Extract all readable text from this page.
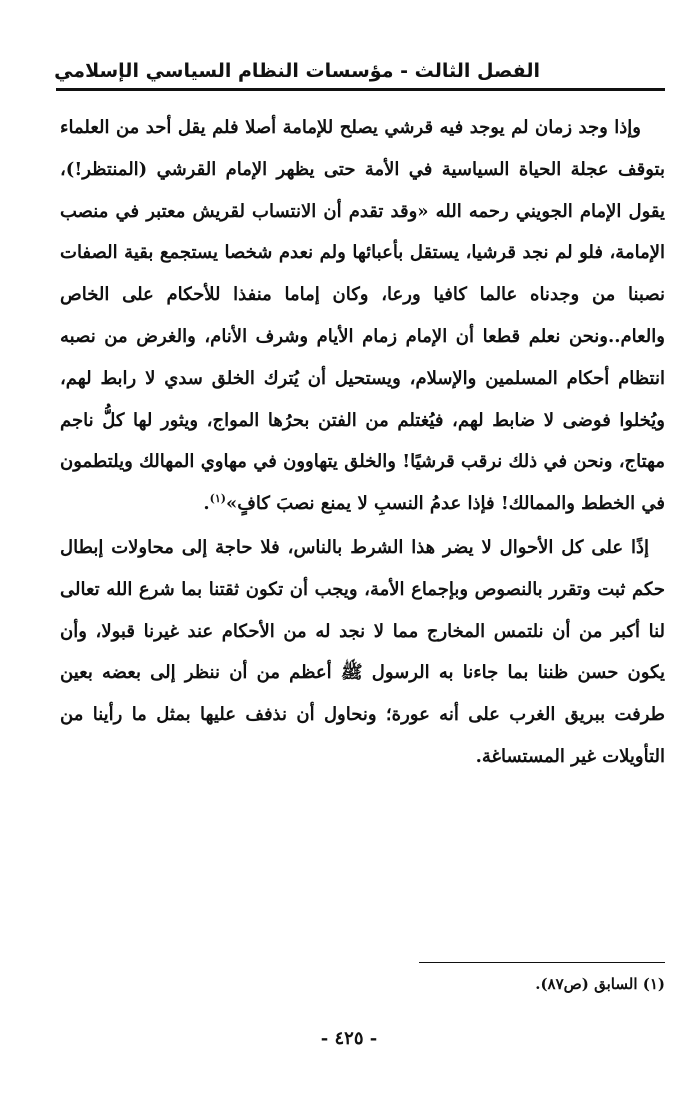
الفصل الثالث - مؤسسات النظام السياسي الإسلامي

وإذا وجد زمان لم يوجد فيه قرشي يصلح للإمامة أصلا فلم يقل أحد من العلماء بتوقف عجلة الحياة السياسية في الأمة حتى يظهر الإمام القرشي (المنتظر!)، يقول الإمام الجويني رحمه الله «وقد تقدم أن الانتساب لقريش معتبر في منصب الإمامة، فلو لم نجد قرشيا، يستقل بأعبائها ولم نعدم شخصا يستجمع بقية الصفات نصبنا من وجدناه عالما كافيا ورعا، وكان إماما منفذا للأحكام على الخاص والعام..ونحن نعلم قطعا أن الإمام زمام الأيام وشرف الأنام، والغرض من نصبه انتظام أحكام المسلمين والإسلام، ويستحيل أن يُترك الخلق سدي لا رابط لهم، ويُخلوا فوضى لا ضابط لهم، فيُغتلم من الفتن بحرُها المواج، ويثور لها كلُّ ناجم مهتاج، ونحن في ذلك نرقب قرشيًا! والخلق يتهاوون في مهاوي المهالك ويلتطمون في الخطط والممالك! فإذا عدمُ النسبِ لا يمنع نصبَ كافٍ»$^{(١)}$.

إذًا على كل الأحوال لا يضر هذا الشرط بالناس، فلا حاجة إلى محاولات إبطال حكم ثبت وتقرر بالنصوص وبإجماع الأمة، ويجب أن تكون ثقتنا بما شرع الله تعالى لنا أكبر من أن نلتمس المخارج مما لا نجد له من الأحكام عند غيرنا قبولا، وأن يكون حسن ظننا بما جاءنا به الرسول ﷺ أعظم من أن ننظر إلى بعضه بعين طرفت ببريق الغرب على أنه عورة؛ ونحاول أن نذفف عليها بمثل ما رأينا من التأويلات غير المستساغة.

(١) السابق (ص٨٧).
- ٤٢٥ -
